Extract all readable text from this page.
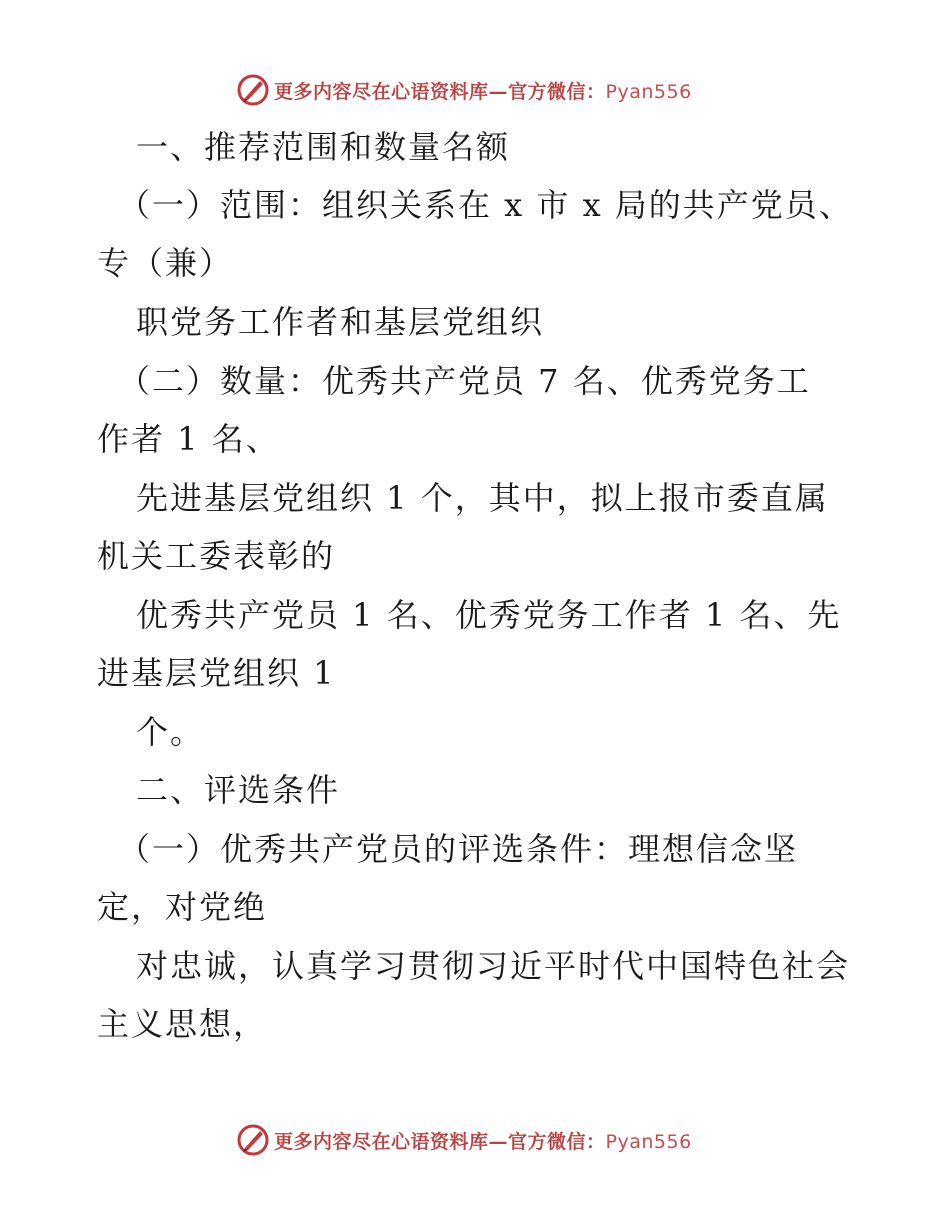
更多内容尽在心语资料库—官方微信：Pyan556
一、推荐范围和数量名额
（一）范围：组织关系在 x 市 x 局的共产党员、
专（兼）
职党务工作者和基层党组织
（二）数量：优秀共产党员 7 名、优秀党务工
作者 1 名、
先进基层党组织 1 个，其中，拟上报市委直属
机关工委表彰的
优秀共产党员 1 名、优秀党务工作者 1 名、先
进基层党组织 1
个。
二、评选条件
（一）优秀共产党员的评选条件：理想信念坚
定，对党绝
对忠诚，认真学习贯彻习近平时代中国特色社会
主义思想，
更多内容尽在心语资料库—官方微信：Pyan556
